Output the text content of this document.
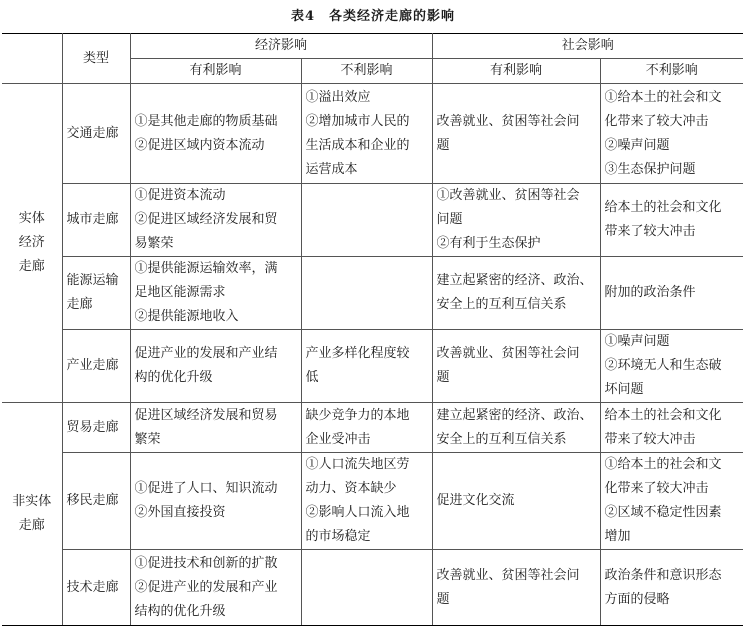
表4　各类经济走廊的影响
	类型	经济影响		社会影响	
		有利影响	不利影响	有利影响	不利影响

实体
经济
走廊	交通走廊	①是其他走廊的物质基础
②促进区域内资本流动	①溢出效应
②增加城市人民的
生活成本和企业的
运营成本	改善就业、贫困等社会问
题	①给本土的社会和文
化带来了较大冲击
②噪声问题
③生态保护问题

	城市走廊	①促进资本流动
②促进区域经济发展和贸
易繁荣		①改善就业、贫困等社会
问题
②有利于生态保护	给本土的社会和文化
带来了较大冲击

	能源运输
走廊	①提供能源运输效率，满
足地区能源需求
②提供能源地收入		建立起紧密的经济、政治、
安全上的互利互信关系	附加的政治条件

	产业走廊	促进产业的发展和产业结
构的优化升级	产业多样化程度较
低	改善就业、贫困等社会问
题	①噪声问题
②环境无人和生态破
坏问题

非实体
走廊	贸易走廊	促进区域经济发展和贸易
繁荣	缺少竞争力的本地
企业受冲击	建立起紧密的经济、政治、
安全上的互利互信关系	给本土的社会和文化
带来了较大冲击

	移民走廊	①促进了人口、知识流动
②外国直接投资	①人口流失地区劳
动力、资本缺少
②影响人口流入地
的市场稳定	促进文化交流	①给本土的社会和文
化带来了较大冲击
②区域不稳定性因素
增加

	技术走廊	①促进技术和创新的扩散
②促进产业的发展和产业
结构的优化升级		改善就业、贫困等社会问
题	政治条件和意识形态
方面的侵略
